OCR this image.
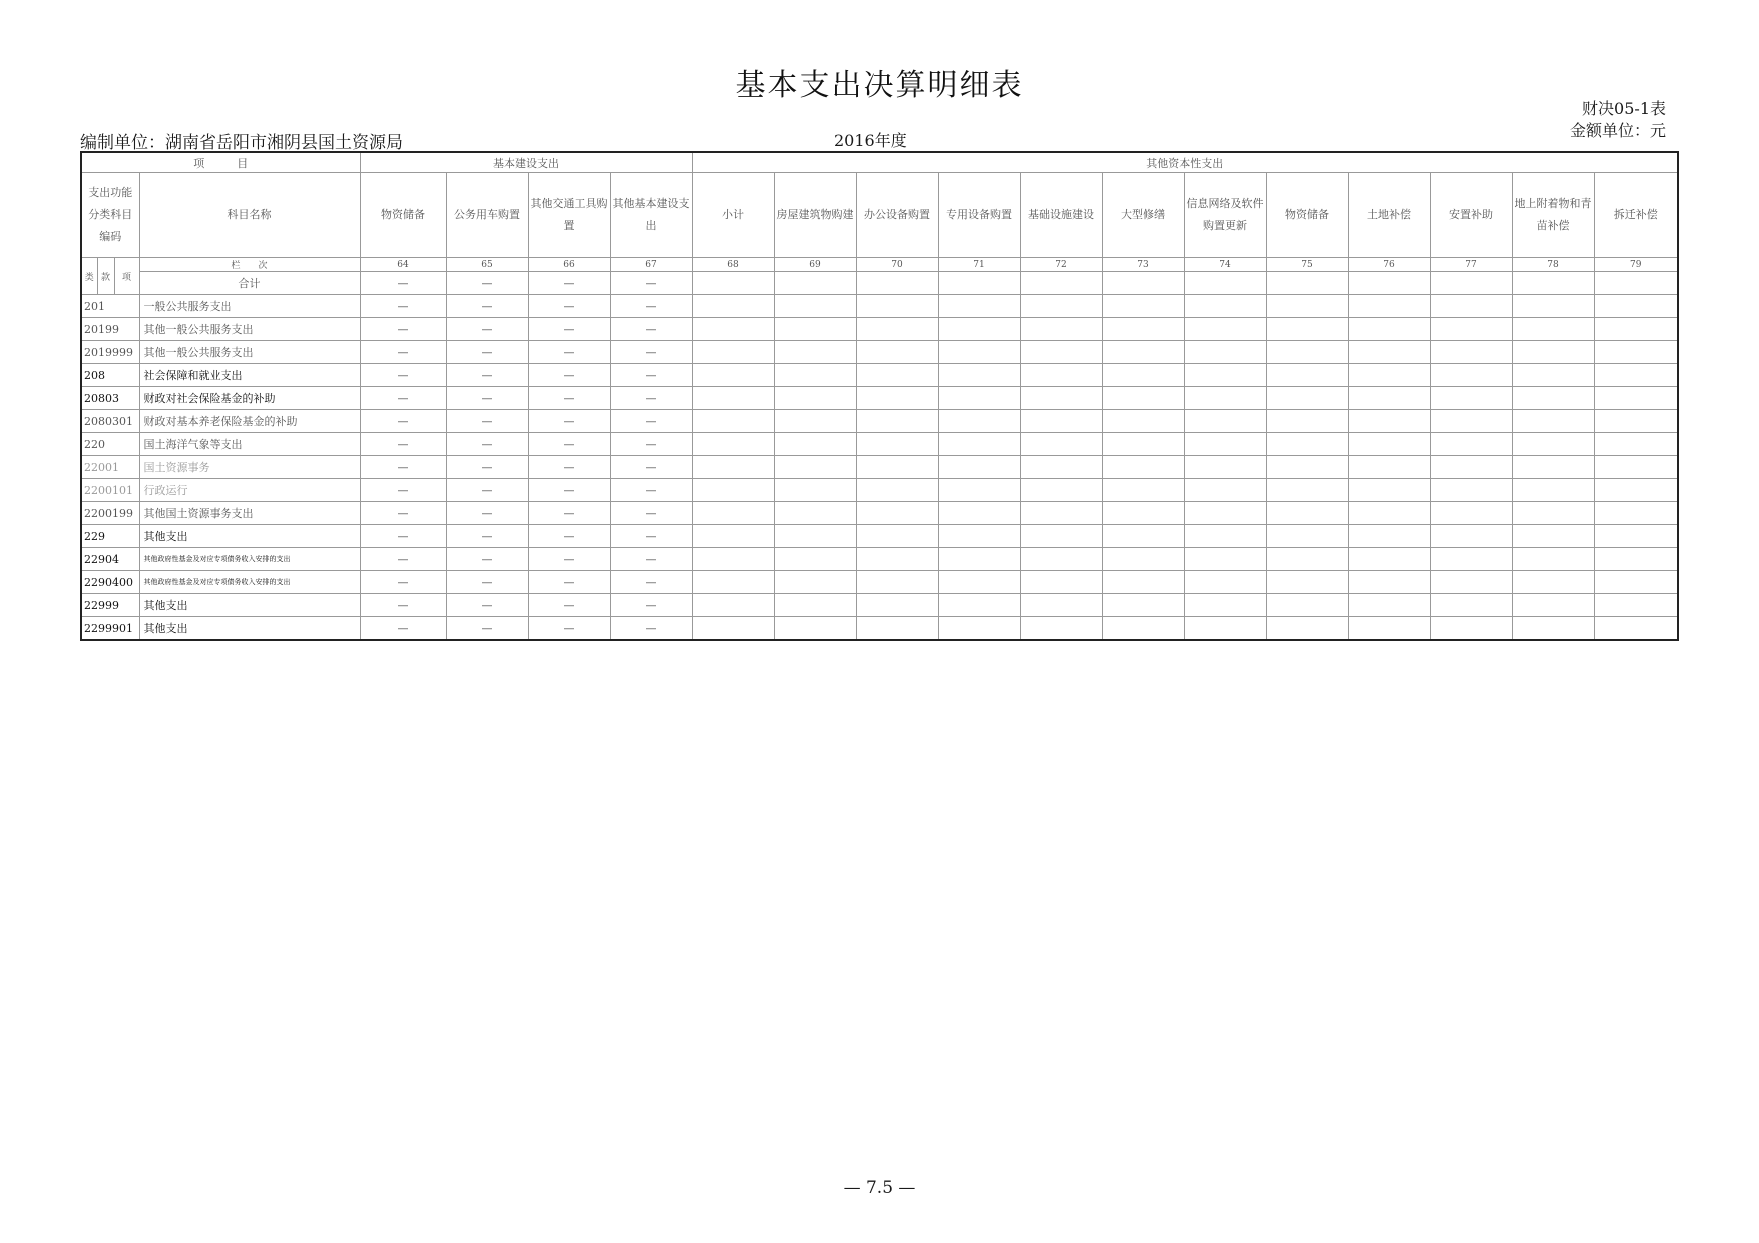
基本支出决算明细表
财决05-1表
金额单位：元
编制单位：湖南省岳阳市湘阴县国土资源局	2016年度
项　　　目				基本建设支出				其他资本性支出											
支出功能分类科目编码			科目名称	物资储备	公务用车购置	其他交通工具购置	其他基本建设支出	小计	房屋建筑物购建	办公设备购置	专用设备购置	基础设施建设	大型修缮	信息网络及软件购置更新	物资储备	土地补偿	安置补助	地上附着物和青苗补偿	拆迁补偿
类	款	项	栏　　次	64	65	66	67	68	69	70	71	72	73	74	75	76	77	78	79
			合计	—	—	—	—												
201			一般公共服务支出	—	—	—	—												
20199			其他一般公共服务支出	—	—	—	—												
2019999			其他一般公共服务支出	—	—	—	—												
208			社会保障和就业支出	—	—	—	—												
20803			财政对社会保险基金的补助	—	—	—	—												
2080301			财政对基本养老保险基金的补助	—	—	—	—												
220			国土海洋气象等支出	—	—	—	—												
22001			国土资源事务	—	—	—	—												
2200101			行政运行	—	—	—	—												
2200199			其他国土资源事务支出	—	—	—	—												
229			其他支出	—	—	—	—												
22904			其他政府性基金及对应专项债务收入安排的支出	—	—	—	—												
2290400			其他政府性基金及对应专项债务收入安排的支出	—	—	—	—												
22999			其他支出	—	—	—	—												
2299901			其他支出	—	—	—	—												
— 7.5 —
